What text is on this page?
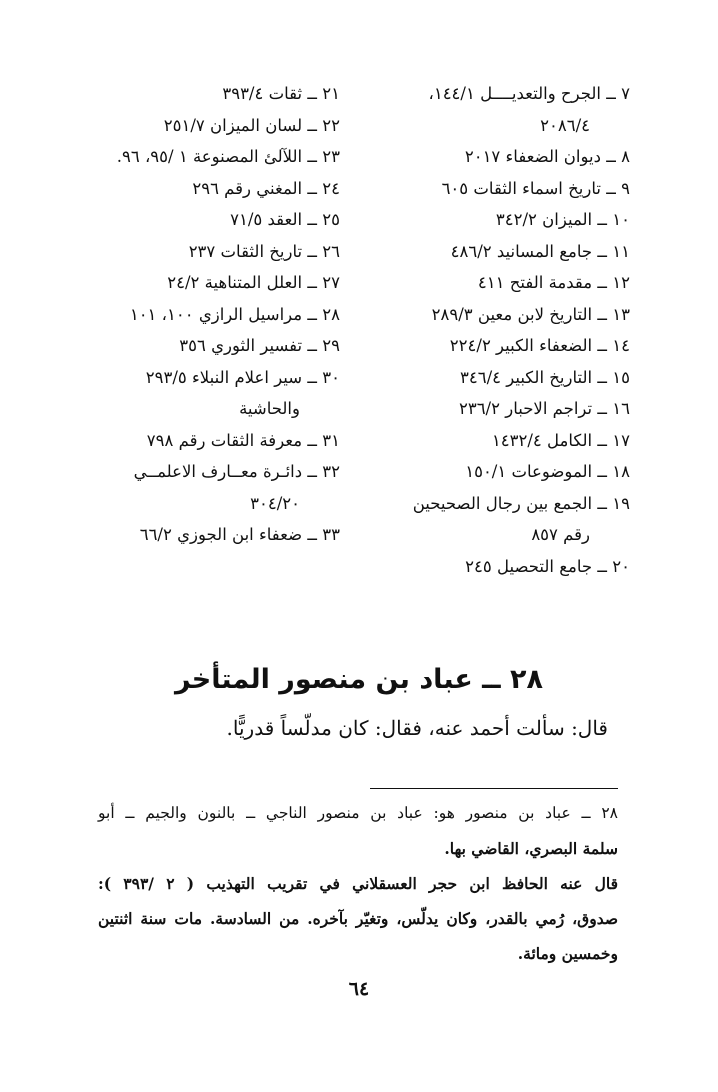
٧ ــ الجرح والتعديــــل ١٤٤/١،
٢٠٨٦/٤
٨ ــ ديوان الضعفاء ٢٠١٧
٩ ــ تاريخ اسماء الثقات ٦٠٥
١٠ ــ الميزان ٣٤٢/٢
١١ ــ جامع المسانيد ٤٨٦/٢
١٢ ــ مقدمة الفتح ٤١١
١٣ ــ التاريخ لابن معين ٢٨٩/٣
١٤ ــ الضعفاء الكبير ٢٢٤/٢
١٥ ــ التاريخ الكبير ٣٤٦/٤
١٦ ــ تراجم الاحبار ٢٣٦/٢
١٧ ــ الكامل ١٤٣٢/٤
١٨ ــ الموضوعات ١٥٠/١
١٩ ــ الجمع بين رجال الصحيحين
رقم ٨٥٧
٢٠ ــ جامع التحصيل ٢٤٥
٢١ ــ ثقات ٣٩٣/٤
٢٢ ــ لسان الميزان ٢٥١/٧
٢٣ ــ اللآلئ المصنوعة ١ /٩٥، ٩٦.
٢٤ ــ المغني رقم ٢٩٦
٢٥ ــ العقد ٧١/٥
٢٦ ــ تاريخ الثقات ٢٣٧
٢٧ ــ العلل المتناهية ٢٤/٢
٢٨ ــ مراسيل الرازي ١٠٠، ١٠١
٢٩ ــ تفسير الثوري ٣٥٦
٣٠ ــ سير اعلام النبلاء ٢٩٣/٥
والحاشية
٣١ ــ معرفة الثقات رقم ٧٩٨
٣٢ ــ دائـرة معــارف الاعلمــي
٣٠٤/٢٠
٣٣ ــ ضعفاء ابن الجوزي ٦٦/٢
٢٨ ــ عباد بن منصور المتأخر
قال: سألت أحمد عنه، فقال: كان مدلّساً قدريًّا.
٢٨ ــ عباد بن منصور هو: عباد بن منصور الناجي ــ بالنون والجيم ــ أبو
سلمة البصري، القاضي بها.
قال عنه الحافظ ابن حجر العسقلاني في تقريب التهذيب ( ٢ /٣٩٣ ):
صدوق، رُمي بالقدر، وكان يدلّس، وتغيّر بآخره. من السادسة. مات سنة اثنتين
وخمسين ومائة.
٦٤
